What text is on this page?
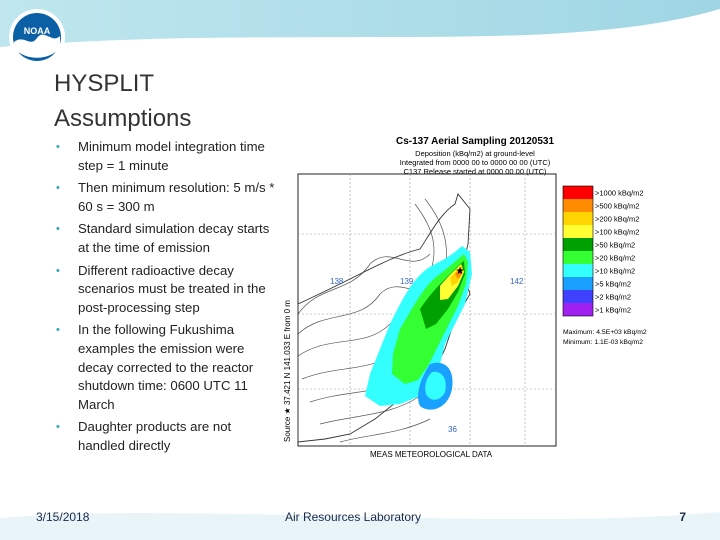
NOAA
HYSPLIT
Assumptions
• Minimum model integration time step = 1 minute
• Then minimum resolution: 5 m/s * 60 s = 300 m
• Standard simulation decay starts at the time of emission
• Different radioactive decay scenarios must be treated in the post-processing step
• In the following Fukushima examples the emission were decay corrected to the reactor shutdown time: 0600 UTC 11 March
• Daughter products are not handled directly
★
138	139	142
36
Cs-137 Aerial Sampling 20120531
Deposition (kBq/m2) at ground-level
Integrated from 0000 00 to 0000 00 00 (UTC)
C137 Release started at 0000 00 00 (UTC)
Source ★ 37.421 N 141.033 E from 0 m
>1000 kBq/m2
>500 kBq/m2
>200 kBq/m2
>100 kBq/m2
>50 kBq/m2
>20 kBq/m2
>10 kBq/m2
>5 kBq/m2
>2 kBq/m2
>1 kBq/m2
Maximum: 4.5E+03 kBq/m2
Minimum: 1.1E-03 kBq/m2
MEAS METEOROLOGICAL DATA
3/15/2018	Air Resources Laboratory	7
